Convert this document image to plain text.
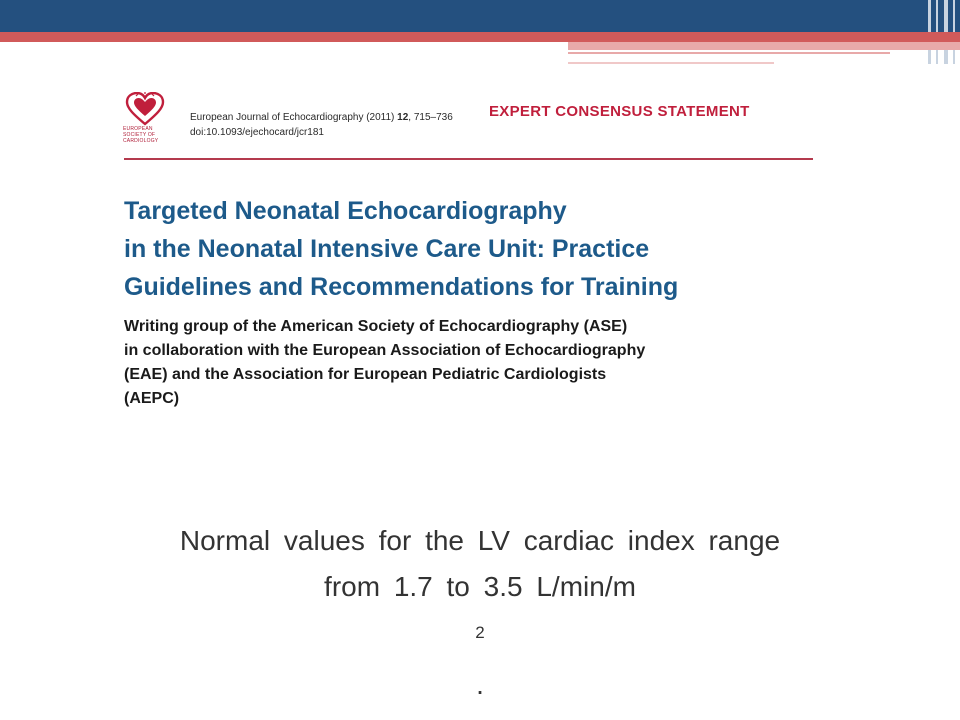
EUROPEAN
SOCIETY OF
CARDIOLOGY
European Journal of Echocardiography (2011) 12, 715–736
doi:10.1093/ejechocard/jcr181
EXPERT CONSENSUS STATEMENT
Targeted Neonatal Echocardiography
in the Neonatal Intensive Care Unit: Practice
Guidelines and Recommendations for Training
Writing group of the American Society of Echocardiography (ASE)
in collaboration with the European Association of Echocardiography
(EAE) and the Association for European Pediatric Cardiologists
(AEPC)
Normal values for the LV cardiac index range
from 1.7 to 3.5 L/min/m
$^2$
.
